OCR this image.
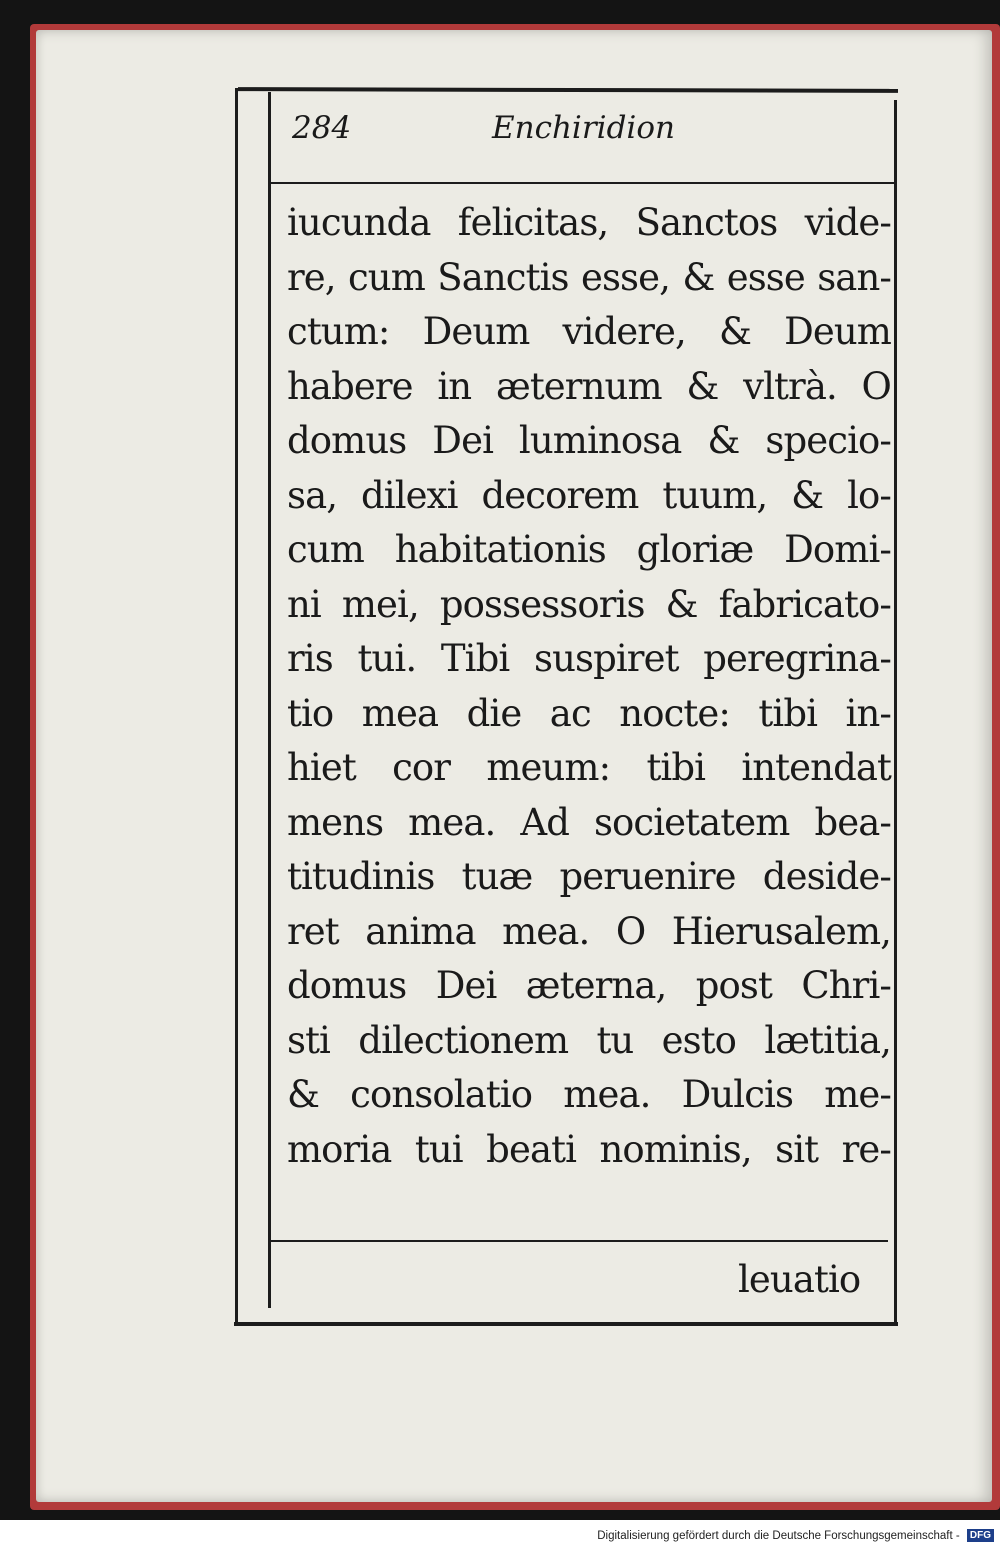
284	Enchiridion
iucunda felicitas, Sanctos vide-
re, cum Sanctis esse, & esse san-
ctum: Deum videre, & Deum
habere in æternum & vltrà. O
domus Dei luminosa & specio-
sa, dilexi decorem tuum, & lo-
cum habitationis gloriæ Domi-
ni mei, possessoris & fabricato-
ris tui. Tibi suspiret peregrina-
tio mea die ac nocte: tibi in-
hiet cor meum: tibi intendat
mens mea. Ad societatem bea-
titudinis tuæ peruenire deside-
ret anima mea. O Hierusalem,
domus Dei æterna, post Chri-
sti dilectionem tu esto lætitia,
& consolatio mea. Dulcis me-
moria tui beati nominis, sit re-
leuatio
Digitalisierung gefördert durch die Deutsche Forschungsgemeinschaft - DFG
